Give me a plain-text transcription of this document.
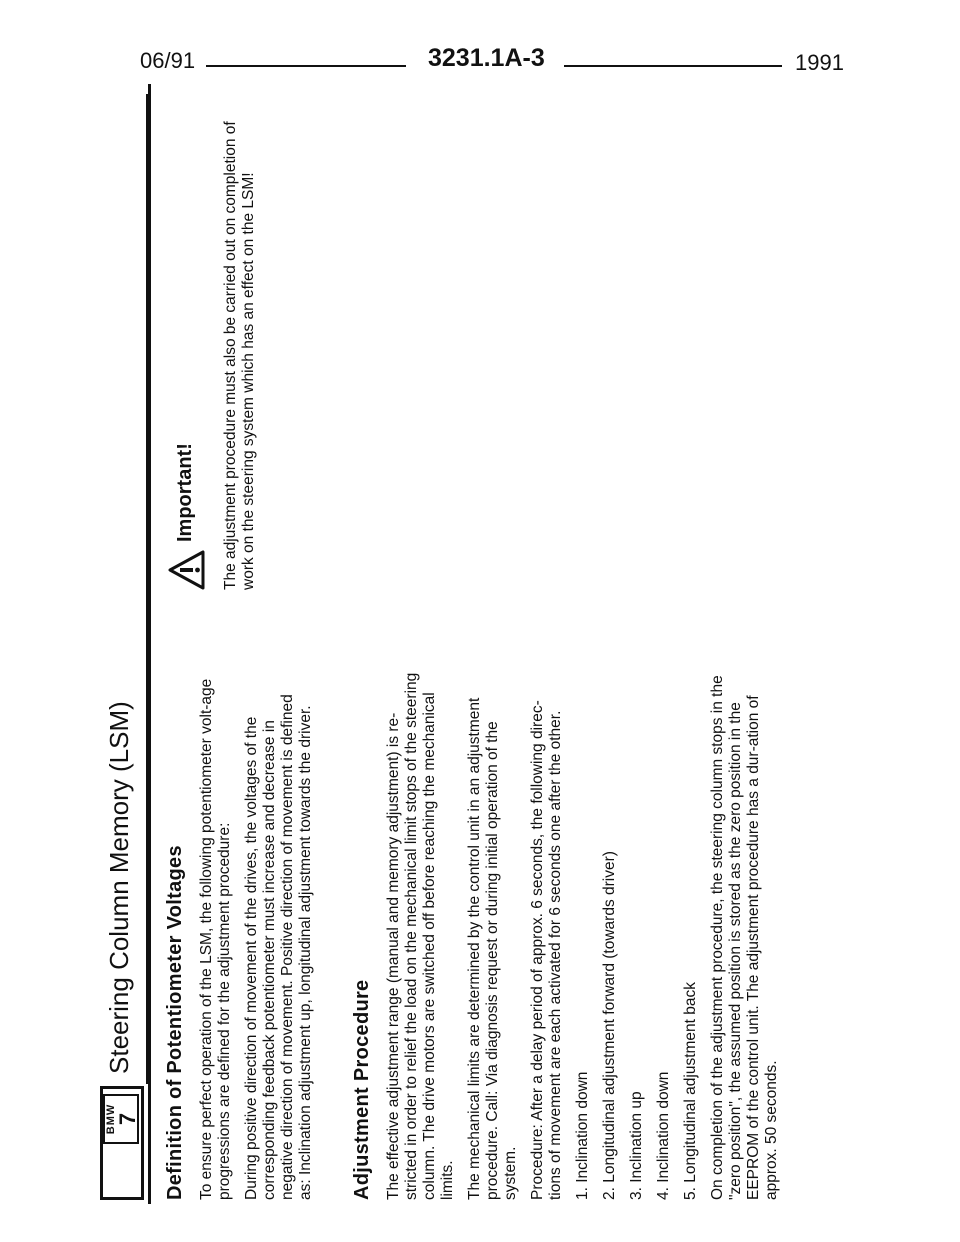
06/91	3231.1A-3	1991
BMW
7
Steering Column Memory (LSM) Definition of Potentiometer Voltages To ensure perfect operation of the LSM, the following potentiometer volt-age progressions are defined for the adjustment procedure: During positive direction of movement of the drives, the voltages of the corresponding feedback potentiometer must increase and decrease in negative direction of movement. Positive direction of movement is defined as: Inclination adjustment up, longitudinal adjustment towards the driver. Adjustment Procedure The effective adjustment range (manual and memory adjustment) is re-stricted in order to relief the load on the mechanical limit stops of the steering column. The drive motors are switched off before reaching the mechanical limits. The mechanical limits are determined by the control unit in an adjustment procedure. Call: Via diagnosis request or during initial operation of the system. Procedure: After a delay period of approx. 6 seconds, the following direc-tions of movement are each activated for 6 seconds one after the other. 1. Inclination down 2. Longitudinal adjustment forward (towards driver) 3. Inclination up 4. Inclination down 5. Longitudinal adjustment back On completion of the adjustment procedure, the steering column stops in the "zero position", the assumed position is stored as the zero position in the EEPROM of the control unit. The adjustment procedure has a dur-ation of approx. 50 seconds.

Important! The adjustment procedure must also be carried out on completion of work on the steering system which has an effect on the LSM!
